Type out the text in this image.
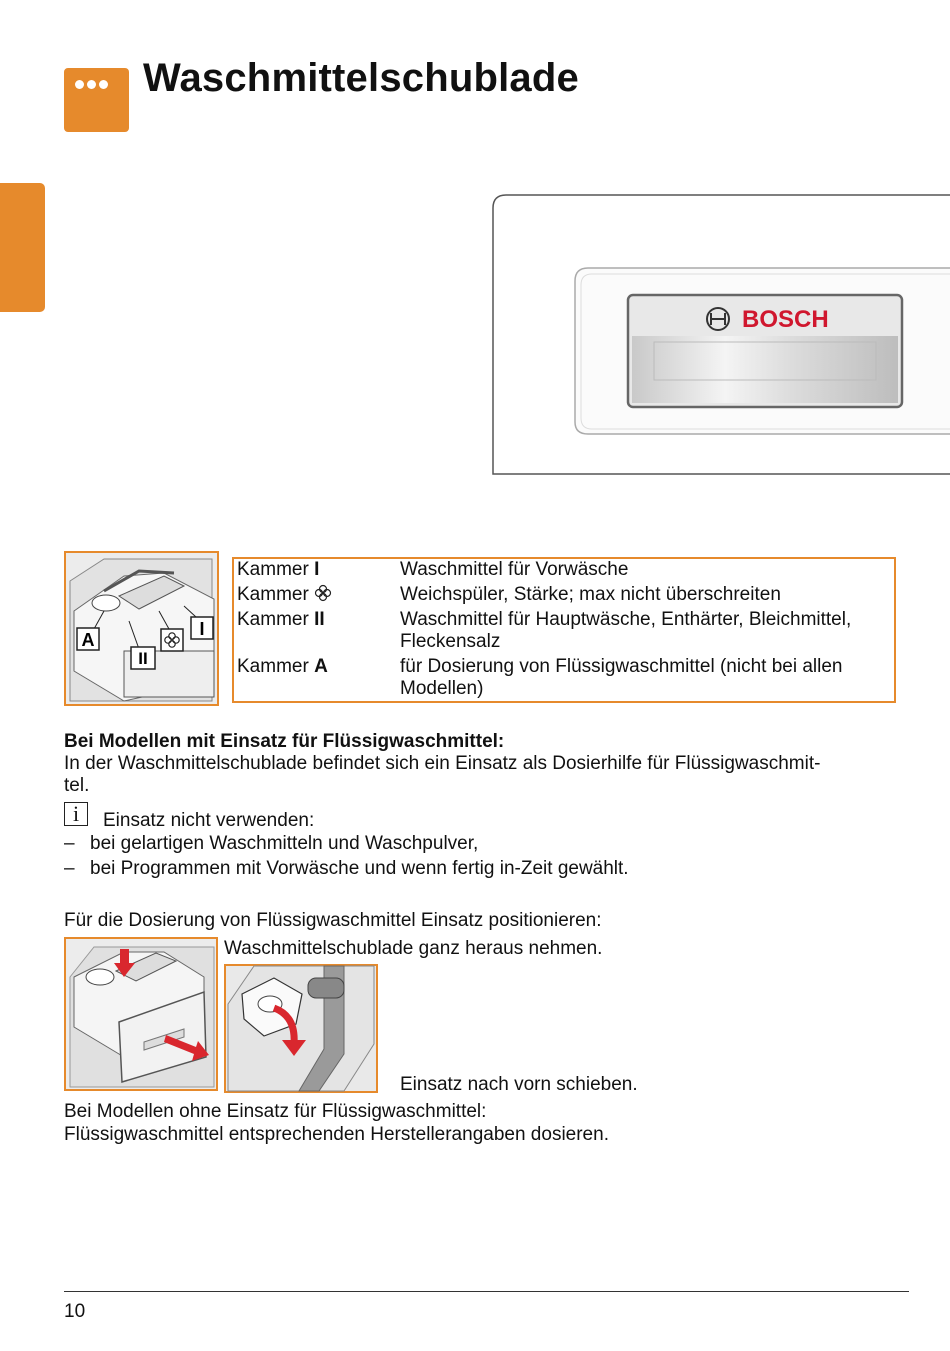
Waschmittelschublade
BOSCH
A
II
I
Kammer I	Waschmittel für Vorwäsche
Kammer	Weichspüler, Stärke; max nicht überschreiten
Kammer II	Waschmittel für Hauptwäsche, Enthärter, Bleichmittel, Fleckensalz
Kammer A	für Dosierung von Flüssigwaschmittel (nicht bei allen Modellen)
Bei Modellen mit Einsatz für Flüssigwaschmittel:
In der Waschmittelschublade befindet sich ein Einsatz als Dosierhilfe für Flüssigwaschmit-
tel.
i	Einsatz nicht verwenden:
– bei gelartigen Waschmitteln und Waschpulver,
– bei Programmen mit Vorwäsche und wenn fertig in-Zeit gewählt.
Für die Dosierung von Flüssigwaschmittel Einsatz positionieren:
Waschmittelschublade ganz heraus nehmen.
Einsatz nach vorn schieben.
Bei Modellen ohne Einsatz für Flüssigwaschmittel:
Flüssigwaschmittel entsprechenden Herstellerangaben dosieren.
10
